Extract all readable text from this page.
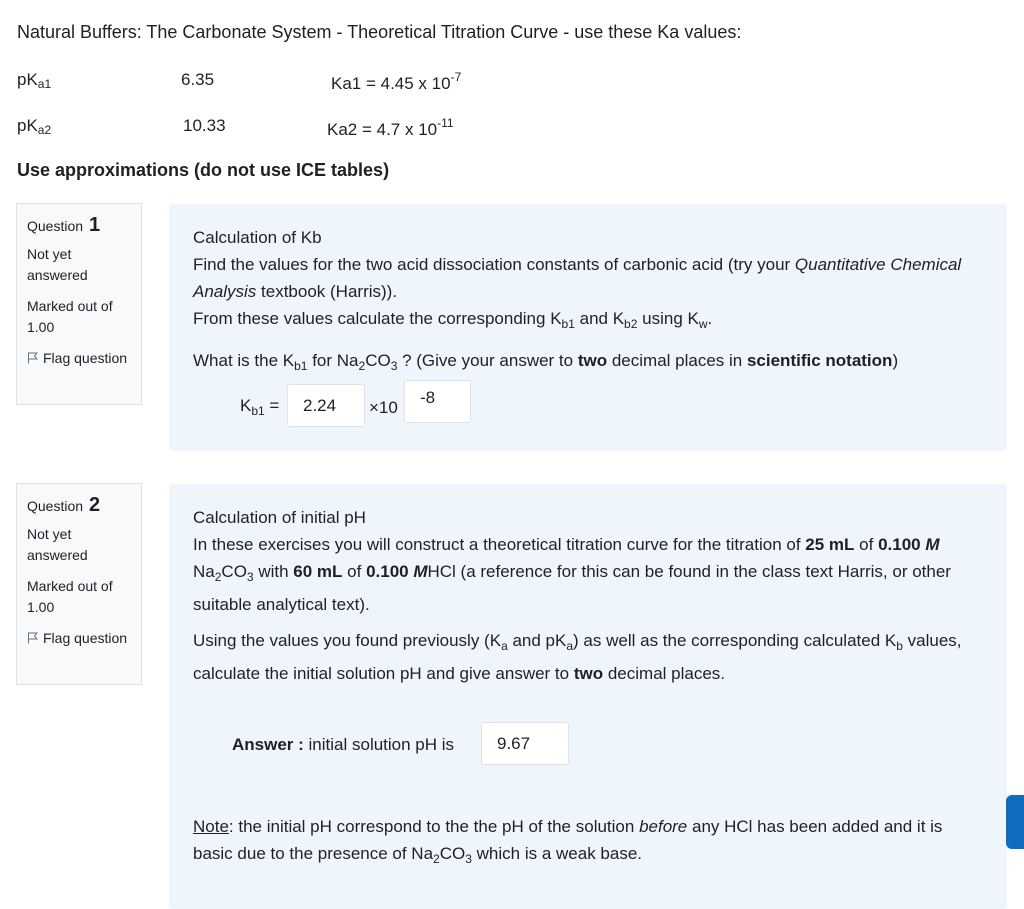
Natural Buffers: The Carbonate System - Theoretical Titration Curve - use these Ka values:
$pK_{a1}$	6.35	Ka1 = 4.45 x $10^{-7}$
$pK_{a2}$	10.33	Ka2 = 4.7 x $10^{-11}$
Use approximations (do not use ICE tables)
Question 1
Not yet answered
Marked out of 1.00
Flag question

Calculation of Kb

Find the values for the two acid dissociation constants of carbonic acid (try your Quantitative Chemical Analysis textbook (Harris)).
From these values calculate the corresponding $K_{b1}$ and $K_{b2}$ using $K_w$.

What is the $K_{b1}$ for $Na_2CO_3$ ? (Give your answer to two decimal places in scientific notation)

$K_{b1}$ =	2.24	×10
-8
Question 2
Not yet answered
Marked out of 1.00
Flag question

Calculation of initial pH

In these exercises you will construct a theoretical titration curve for the titration of 25 mL of 0.100 M $Na_2CO_3$ with 60 mL of 0.100 MHCl (a reference for this can be found in the class text Harris, or other suitable analytical text).

Using the values you found previously ($K_a$ and $pK_a$) as well as the corresponding calculated $K_b$ values, calculate the initial solution pH and give answer to two decimal places.

Answer : initial solution pH is	9.67

Note: the initial pH correspond to the the pH of the solution before any HCl has been added and it is basic due to the presence of $Na_2CO_3$ which is a weak base.
